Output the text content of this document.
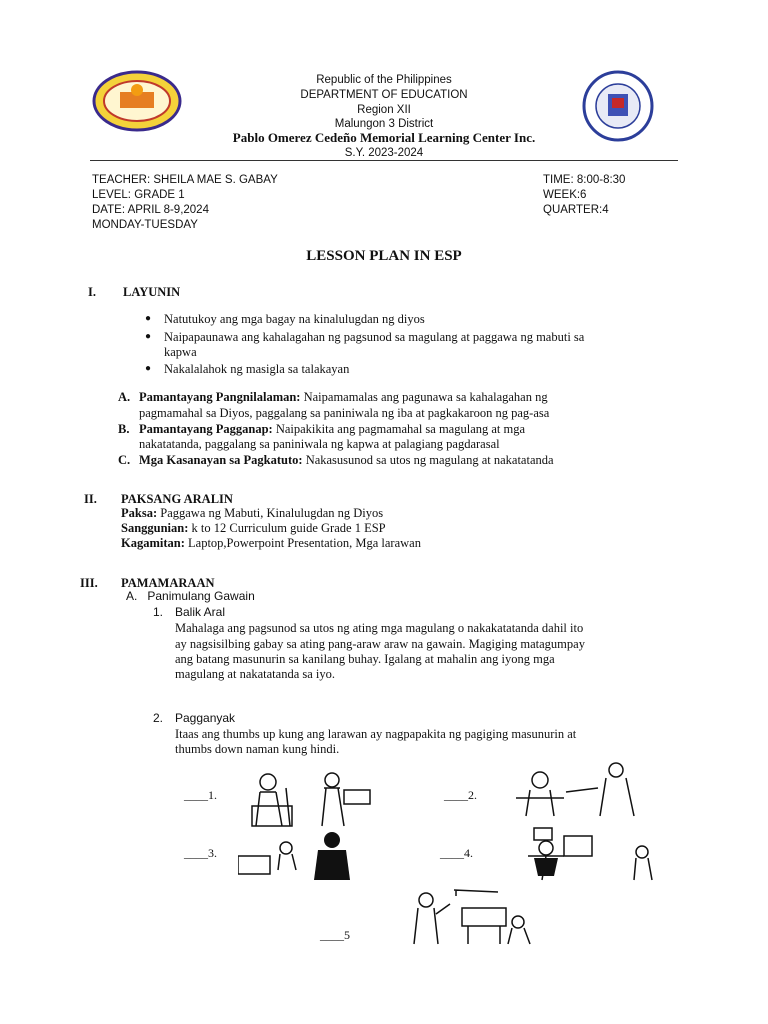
Republic of the Philippines
DEPARTMENT OF EDUCATION
Region XII
Malungon 3 District
Pablo Omerez Cedeño Memorial Learning Center Inc.
S.Y. 2023-2024
TEACHER: SHEILA MAE S. GABAY
LEVEL: GRADE 1
DATE: APRIL 8-9,2024
MONDAY-TUESDAY
TIME: 8:00-8:30
WEEK:6
QUARTER:4
LESSON PLAN IN ESP
I. LAYUNIN
● Natutukoy ang mga bagay na kinalulugdan ng diyos
● Naipapaunawa ang kahalagahan ng pagsunod sa magulang at paggawa ng mabuti sa
kapwa
● Nakalalahok ng masigla sa talakayan
A. Pamantayang Pangnilalaman: Naipamamalas ang pagunawa sa kahalagahan ng
pagmamahal sa Diyos, paggalang sa paniniwala ng iba at pagkakaroon ng pag-asa
B. Pamantayang Pagganap: Naipakikita ang pagmamahal sa magulang at mga
nakatatanda, paggalang sa paniniwala ng kapwa at palagiang pagdarasal
C. Mga Kasanayan sa Pagkatuto: Nakasusunod sa utos ng magulang at nakatatanda
II. PAKSANG ARALIN
Paksa: Paggawa ng Mabuti, Kinalulugdan ng Diyos
Sanggunian: k to 12 Curriculum guide Grade 1 ESP
Kagamitan: Laptop,Powerpoint Presentation, Mga larawan
III. PAMAMARAAN
A.   Panimulang Gawain
1. Balik Aral
Mahalaga ang pagsunod sa utos ng ating mga magulang o nakakatatanda dahil ito
ay nagsisilbing gabay sa ating pang-araw araw na gawain. Magiging matagumpay
ang batang masunurin sa kanilang buhay. Igalang at mahalin ang iyong mga
magulang at nakatatanda sa iyo.
2. Pagganyak
Itaas ang thumbs up kung ang larawan ay nagpapakita ng pagiging masunurin at
thumbs down naman kung hindi.
____1.	____2.
____3.	____4.
____5
